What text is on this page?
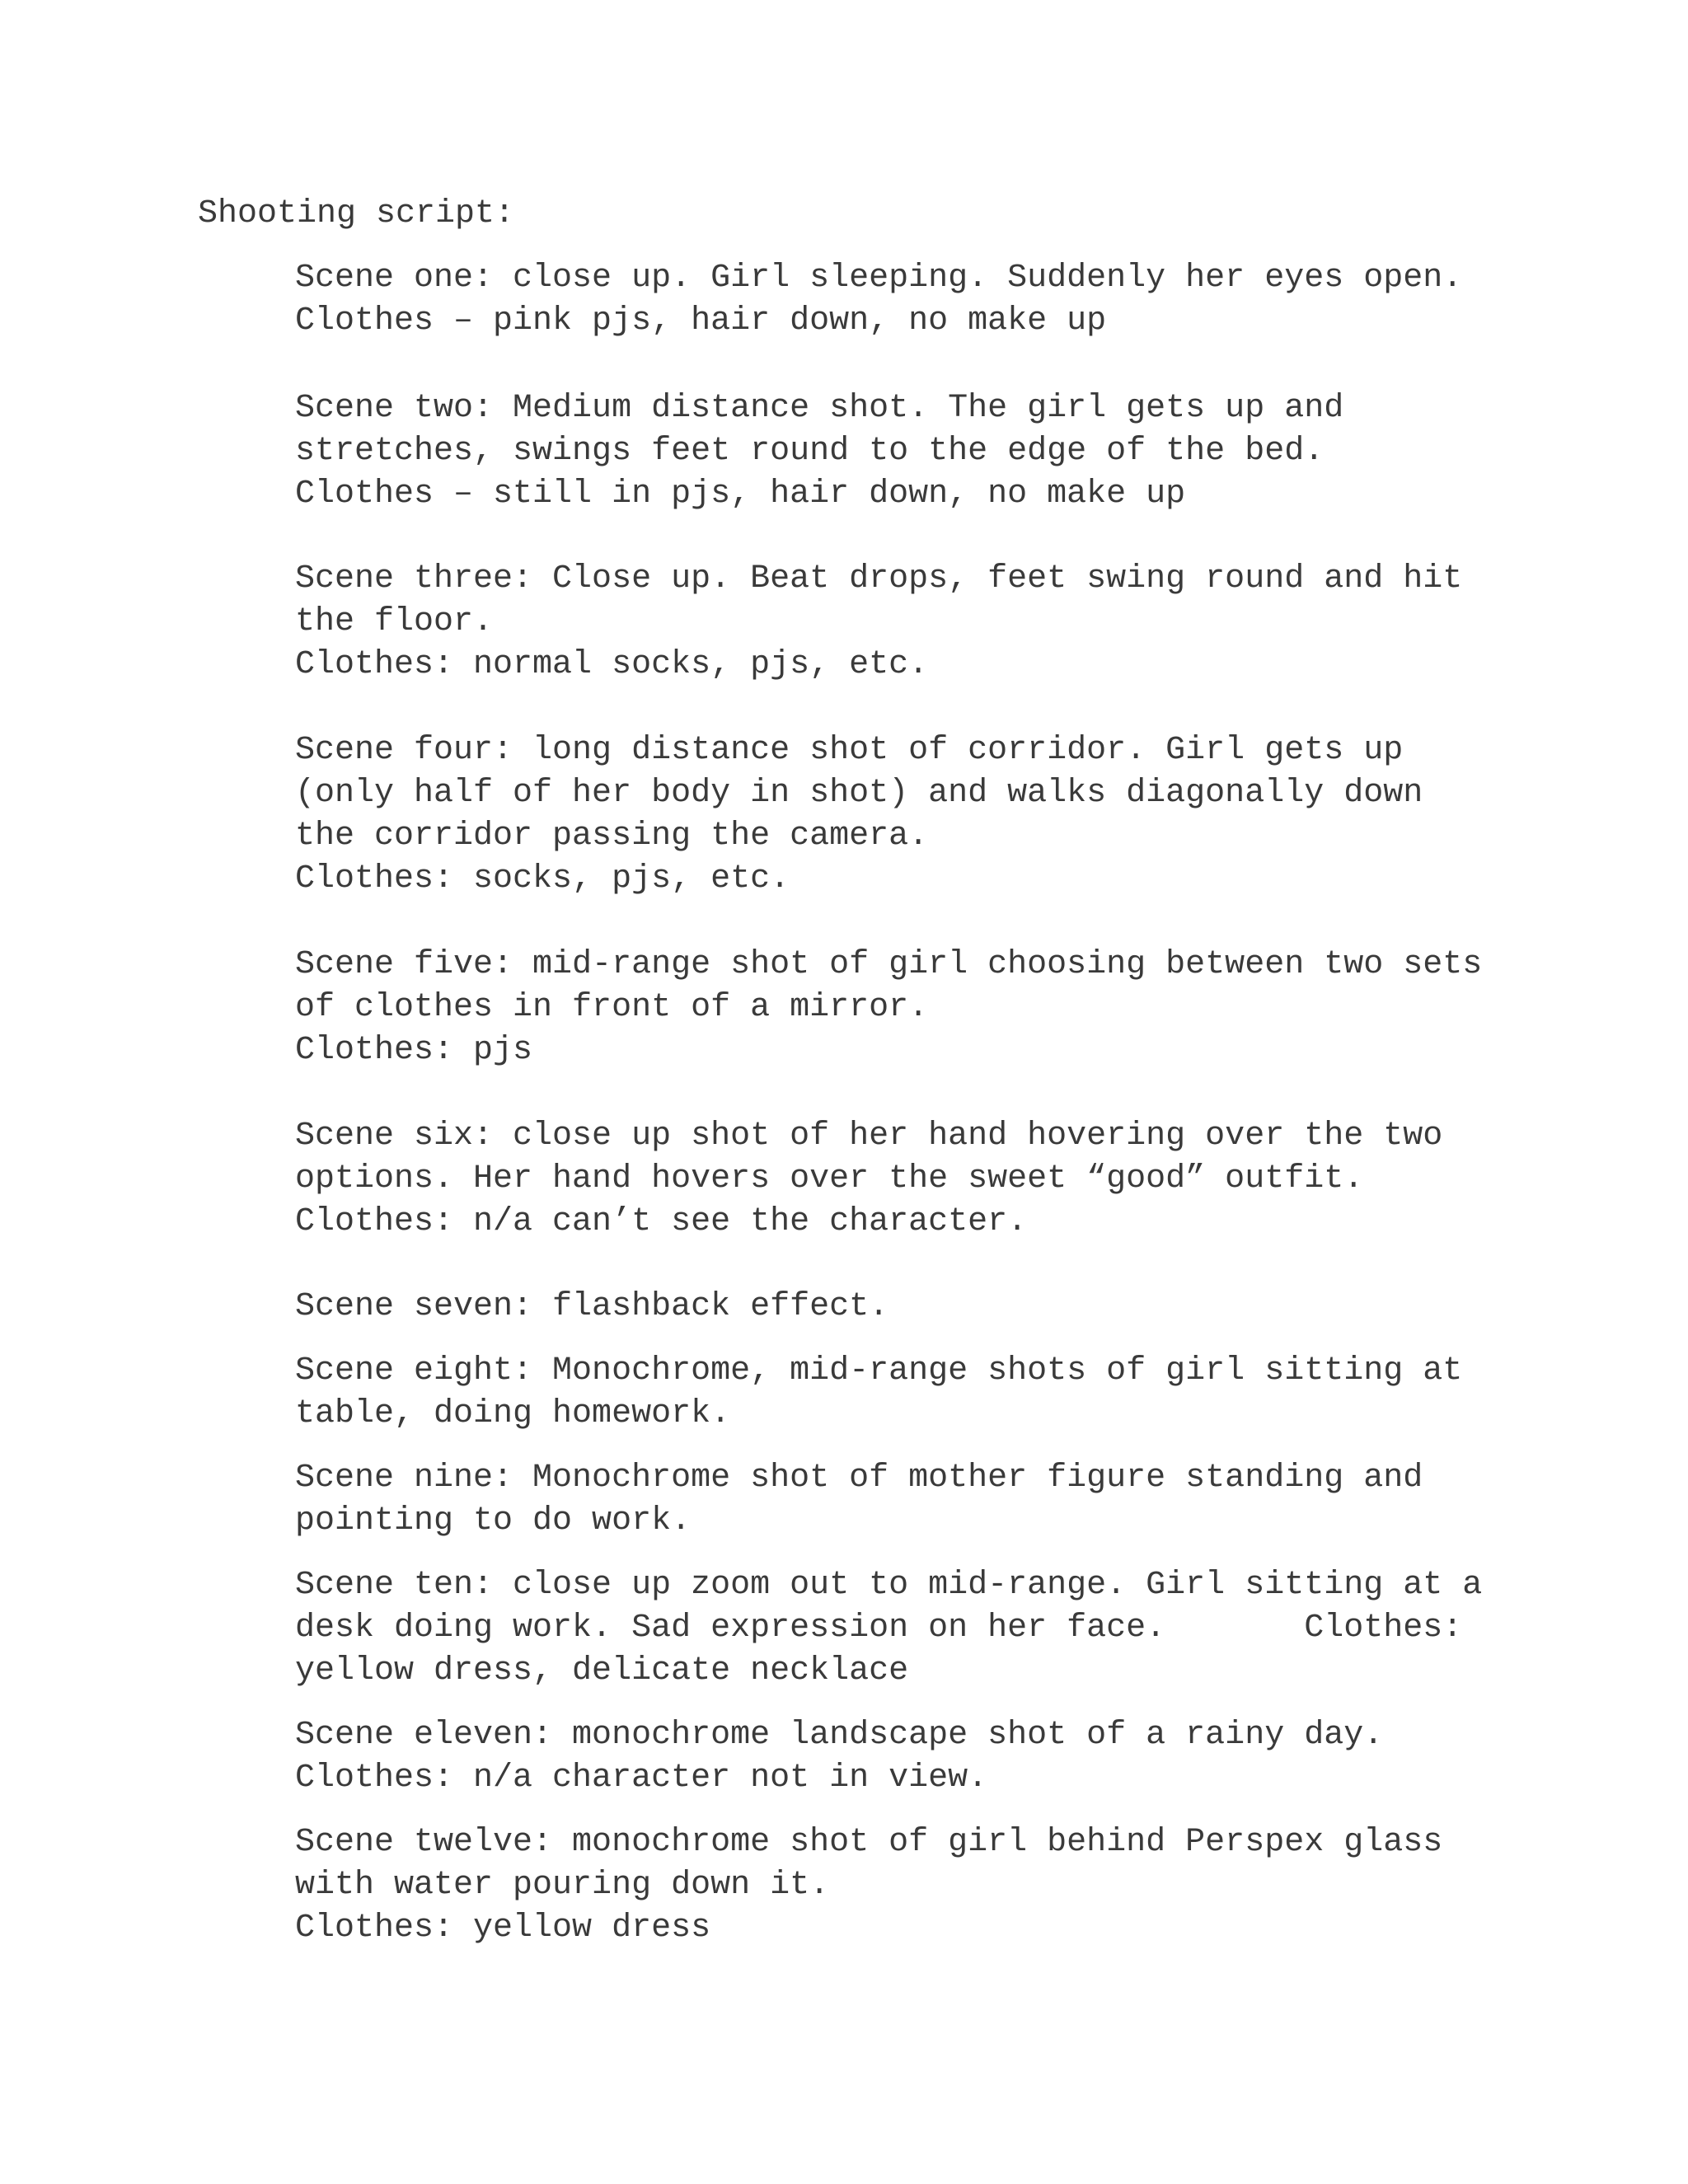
Shooting script:
Scene one: close up. Girl sleeping. Suddenly her eyes open.
Clothes – pink pjs, hair down, no make up
Scene two: Medium distance shot. The girl gets up and
stretches, swings feet round to the edge of the bed.
Clothes – still in pjs, hair down, no make up
Scene three: Close up. Beat drops, feet swing round and hit
the floor.
Clothes: normal socks, pjs, etc.
Scene four: long distance shot of corridor. Girl gets up
(only half of her body in shot) and walks diagonally down
the corridor passing the camera.
Clothes: socks, pjs, etc.
Scene five: mid-range shot of girl choosing between two sets
of clothes in front of a mirror.
Clothes: pjs
Scene six: close up shot of her hand hovering over the two
options. Her hand hovers over the sweet “good” outfit.
Clothes: n/a can’t see the character.
Scene seven: flashback effect.
Scene eight: Monochrome, mid-range shots of girl sitting at
table, doing homework.
Scene nine: Monochrome shot of mother figure standing and
pointing to do work.
Scene ten: close up zoom out to mid-range. Girl sitting at a
desk doing work. Sad expression on her face.       Clothes:
yellow dress, delicate necklace
Scene eleven: monochrome landscape shot of a rainy day.
Clothes: n/a character not in view.
Scene twelve: monochrome shot of girl behind Perspex glass
with water pouring down it.
Clothes: yellow dress
